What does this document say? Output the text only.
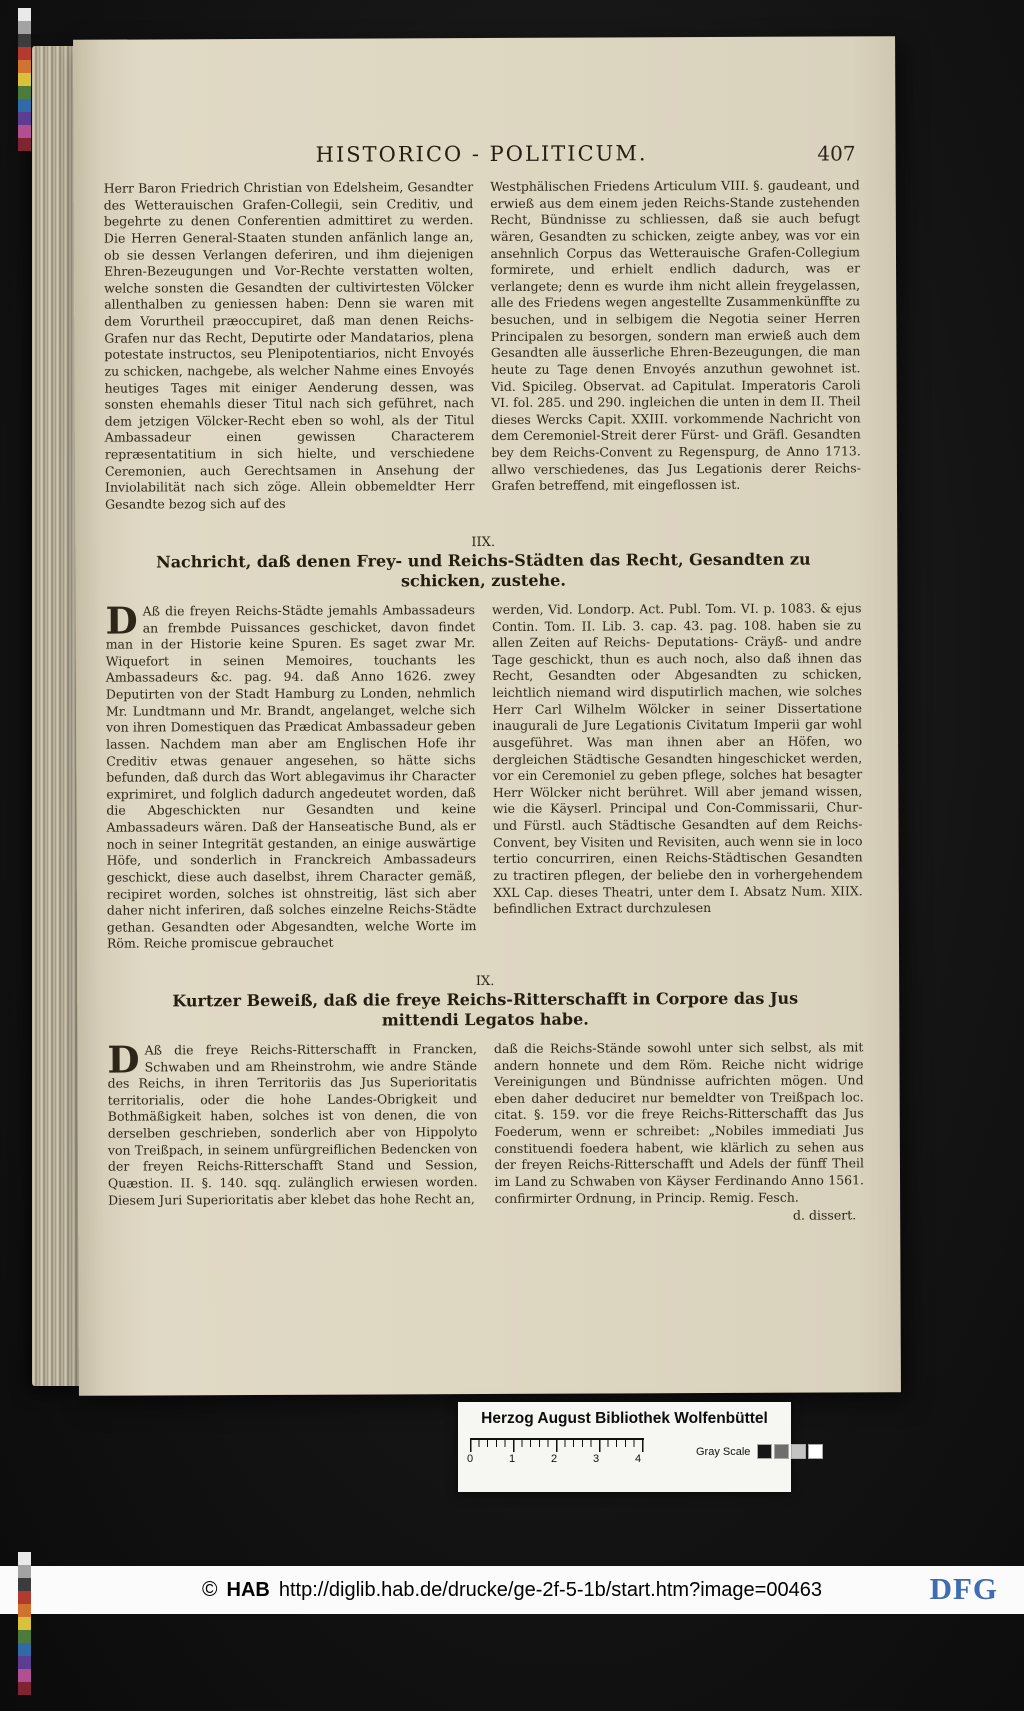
HISTORICO - POLITICUM.	407

Herr Baron Friedrich Christian von Edelsheim, Gesandter des Wetterauischen Grafen-Collegii, sein Creditiv, und begehrte zu denen Conferentien admittiret zu werden. Die Herren General-Staaten stunden anfänlich lange an, ob sie dessen Verlangen deferiren, und ihm diejenigen Ehren-Bezeugungen und Vor-Rechte verstatten wolten, welche sonsten die Gesandten der cultivirtesten Völcker allenthalben zu geniessen haben: Denn sie waren mit dem Vorurtheil præoccupiret, daß man denen Reichs-Grafen nur das Recht, Deputirte oder Mandatarios, plena potestate instructos, seu Plenipotentiarios, nicht Envoyés zu schicken, nachgebe, als welcher Nahme eines Envoyés heutiges Tages mit einiger Aenderung dessen, was sonsten ehemahls dieser Titul nach sich geführet, nach dem jetzigen Völcker-Recht eben so wohl, als der Titul Ambassadeur einen gewissen Characterem repræsentatitium in sich hielte, und verschiedene Ceremonien, auch Gerechtsamen in Ansehung der Inviolabilität nach sich zöge. Allein obbemeldter Herr Gesandte bezog sich auf des

Westphälischen Friedens Articulum VIII. §. gaudeant, und erwieß aus dem einem jeden Reichs-Stande zustehenden Recht, Bündnisse zu schliessen, daß sie auch befugt wären, Gesandten zu schicken, zeigte anbey, was vor ein ansehnlich Corpus das Wetterauische Grafen-Collegium formirete, und erhielt endlich dadurch, was er verlangete; denn es wurde ihm nicht allein freygelassen, alle des Friedens wegen angestellte Zusammenkünffte zu besuchen, und in selbigem die Negotia seiner Herren Principalen zu besorgen, sondern man erwieß auch dem Gesandten alle äusserliche Ehren-Bezeugungen, die man heute zu Tage denen Envoyés anzuthun gewohnet ist. Vid. Spicileg. Observat. ad Capitulat. Imperatoris Caroli VI. fol. 285. und 290. ingleichen die unten in dem II. Theil dieses Wercks Capit. XXIII. vorkommende Nachricht von dem Ceremoniel-Streit derer Fürst- und Gräfl. Gesandten bey dem Reichs-Convent zu Regenspurg, de Anno 1713. allwo verschiedenes, das Jus Legationis derer Reichs-Grafen betreffend, mit eingeflossen ist.

IIX.
Nachricht, daß denen Frey- und Reichs-Städten das Recht, Gesandten zu schicken, zustehe.

D Aß die freyen Reichs-Städte jemahls Ambassadeurs an frembde Puissances geschicket, davon findet man in der Historie keine Spuren. Es saget zwar Mr. Wiquefort in seinen Memoires, touchants les Ambassadeurs &c. pag. 94. daß Anno 1626. zwey Deputirten von der Stadt Hamburg zu Londen, nehmlich Mr. Lundtmann und Mr. Brandt, angelanget, welche sich von ihren Domestiquen das Prædicat Ambassadeur geben lassen. Nachdem man aber am Englischen Hofe ihr Creditiv etwas genauer angesehen, so hätte sichs befunden, daß durch das Wort ablegavimus ihr Character exprimiret, und folglich dadurch angedeutet worden, daß die Abgeschickten nur Gesandten und keine Ambassadeurs wären. Daß der Hanseatische Bund, als er noch in seiner Integrität gestanden, an einige auswärtige Höfe, und sonderlich in Franckreich Ambassadeurs geschickt, diese auch daselbst, ihrem Character gemäß, recipiret worden, solches ist ohnstreitig, läst sich aber daher nicht inferiren, daß solches einzelne Reichs-Städte gethan. Gesandten oder Abgesandten, welche Worte im Röm. Reiche promiscue gebrauchet

werden, Vid. Londorp. Act. Publ. Tom. VI. p. 1083. & ejus Contin. Tom. II. Lib. 3. cap. 43. pag. 108. haben sie zu allen Zeiten auf Reichs- Deputations- Cräyß- und andre Tage geschickt, thun es auch noch, also daß ihnen das Recht, Gesandten oder Abgesandten zu schicken, leichtlich niemand wird disputirlich machen, wie solches Herr Carl Wilhelm Wölcker in seiner Dissertatione inaugurali de Jure Legationis Civitatum Imperii gar wohl ausgeführet. Was man ihnen aber an Höfen, wo dergleichen Städtische Gesandten hingeschicket werden, vor ein Ceremoniel zu geben pflege, solches hat besagter Herr Wölcker nicht berühret. Will aber jemand wissen, wie die Käyserl. Principal und Con-Commissarii, Chur- und Fürstl. auch Städtische Gesandten auf dem Reichs-Convent, bey Visiten und Revisiten, auch wenn sie in loco tertio concurriren, einen Reichs-Städtischen Gesandten zu tractiren pflegen, der beliebe den in vorhergehendem XXL Cap. dieses Theatri, unter dem I. Absatz Num. XIIX. befindlichen Extract durchzulesen

IX.
Kurtzer Beweiß, daß die freye Reichs-Ritterschafft in Corpore das Jus mittendi Legatos habe.

D Aß die freye Reichs-Ritterschafft in Francken, Schwaben und am Rheinstrohm, wie andre Stände des Reichs, in ihren Territoriis das Jus Superioritatis territorialis, oder die hohe Landes-Obrigkeit und Bothmäßigkeit haben, solches ist von denen, die von derselben geschrieben, sonderlich aber von Hippolyto von Treißpach, in seinem unfürgreiflichen Bedencken von der freyen Reichs-Ritterschafft Stand und Session, Quæstion. II. §. 140. sqq. zulänglich erwiesen worden. Diesem Juri Superioritatis aber klebet das hohe Recht an,

daß die Reichs-Stände sowohl unter sich selbst, als mit andern honnete und dem Röm. Reiche nicht widrige Vereinigungen und Bündnisse aufrichten mögen. Und eben daher deduciret nur bemeldter von Treißpach loc. citat. §. 159. vor die freye Reichs-Ritterschafft das Jus Foederum, wenn er schreibet: „Nobiles immediati Jus constituendi foedera habent, wie klärlich zu sehen aus der freyen Reichs-Ritterschafft und Adels der fünff Theil im Land zu Schwaben von Käyser Ferdinando Anno 1561. confirmirter Ordnung, in Princip. Remig. Fesch.
d. dissert.
Herzog August Bibliothek Wolfenbüttel
0	1	2	3	4
Gray Scale
© HAB http://diglib.hab.de/drucke/ge-2f-5-1b/start.htm?image=00463	DFG
